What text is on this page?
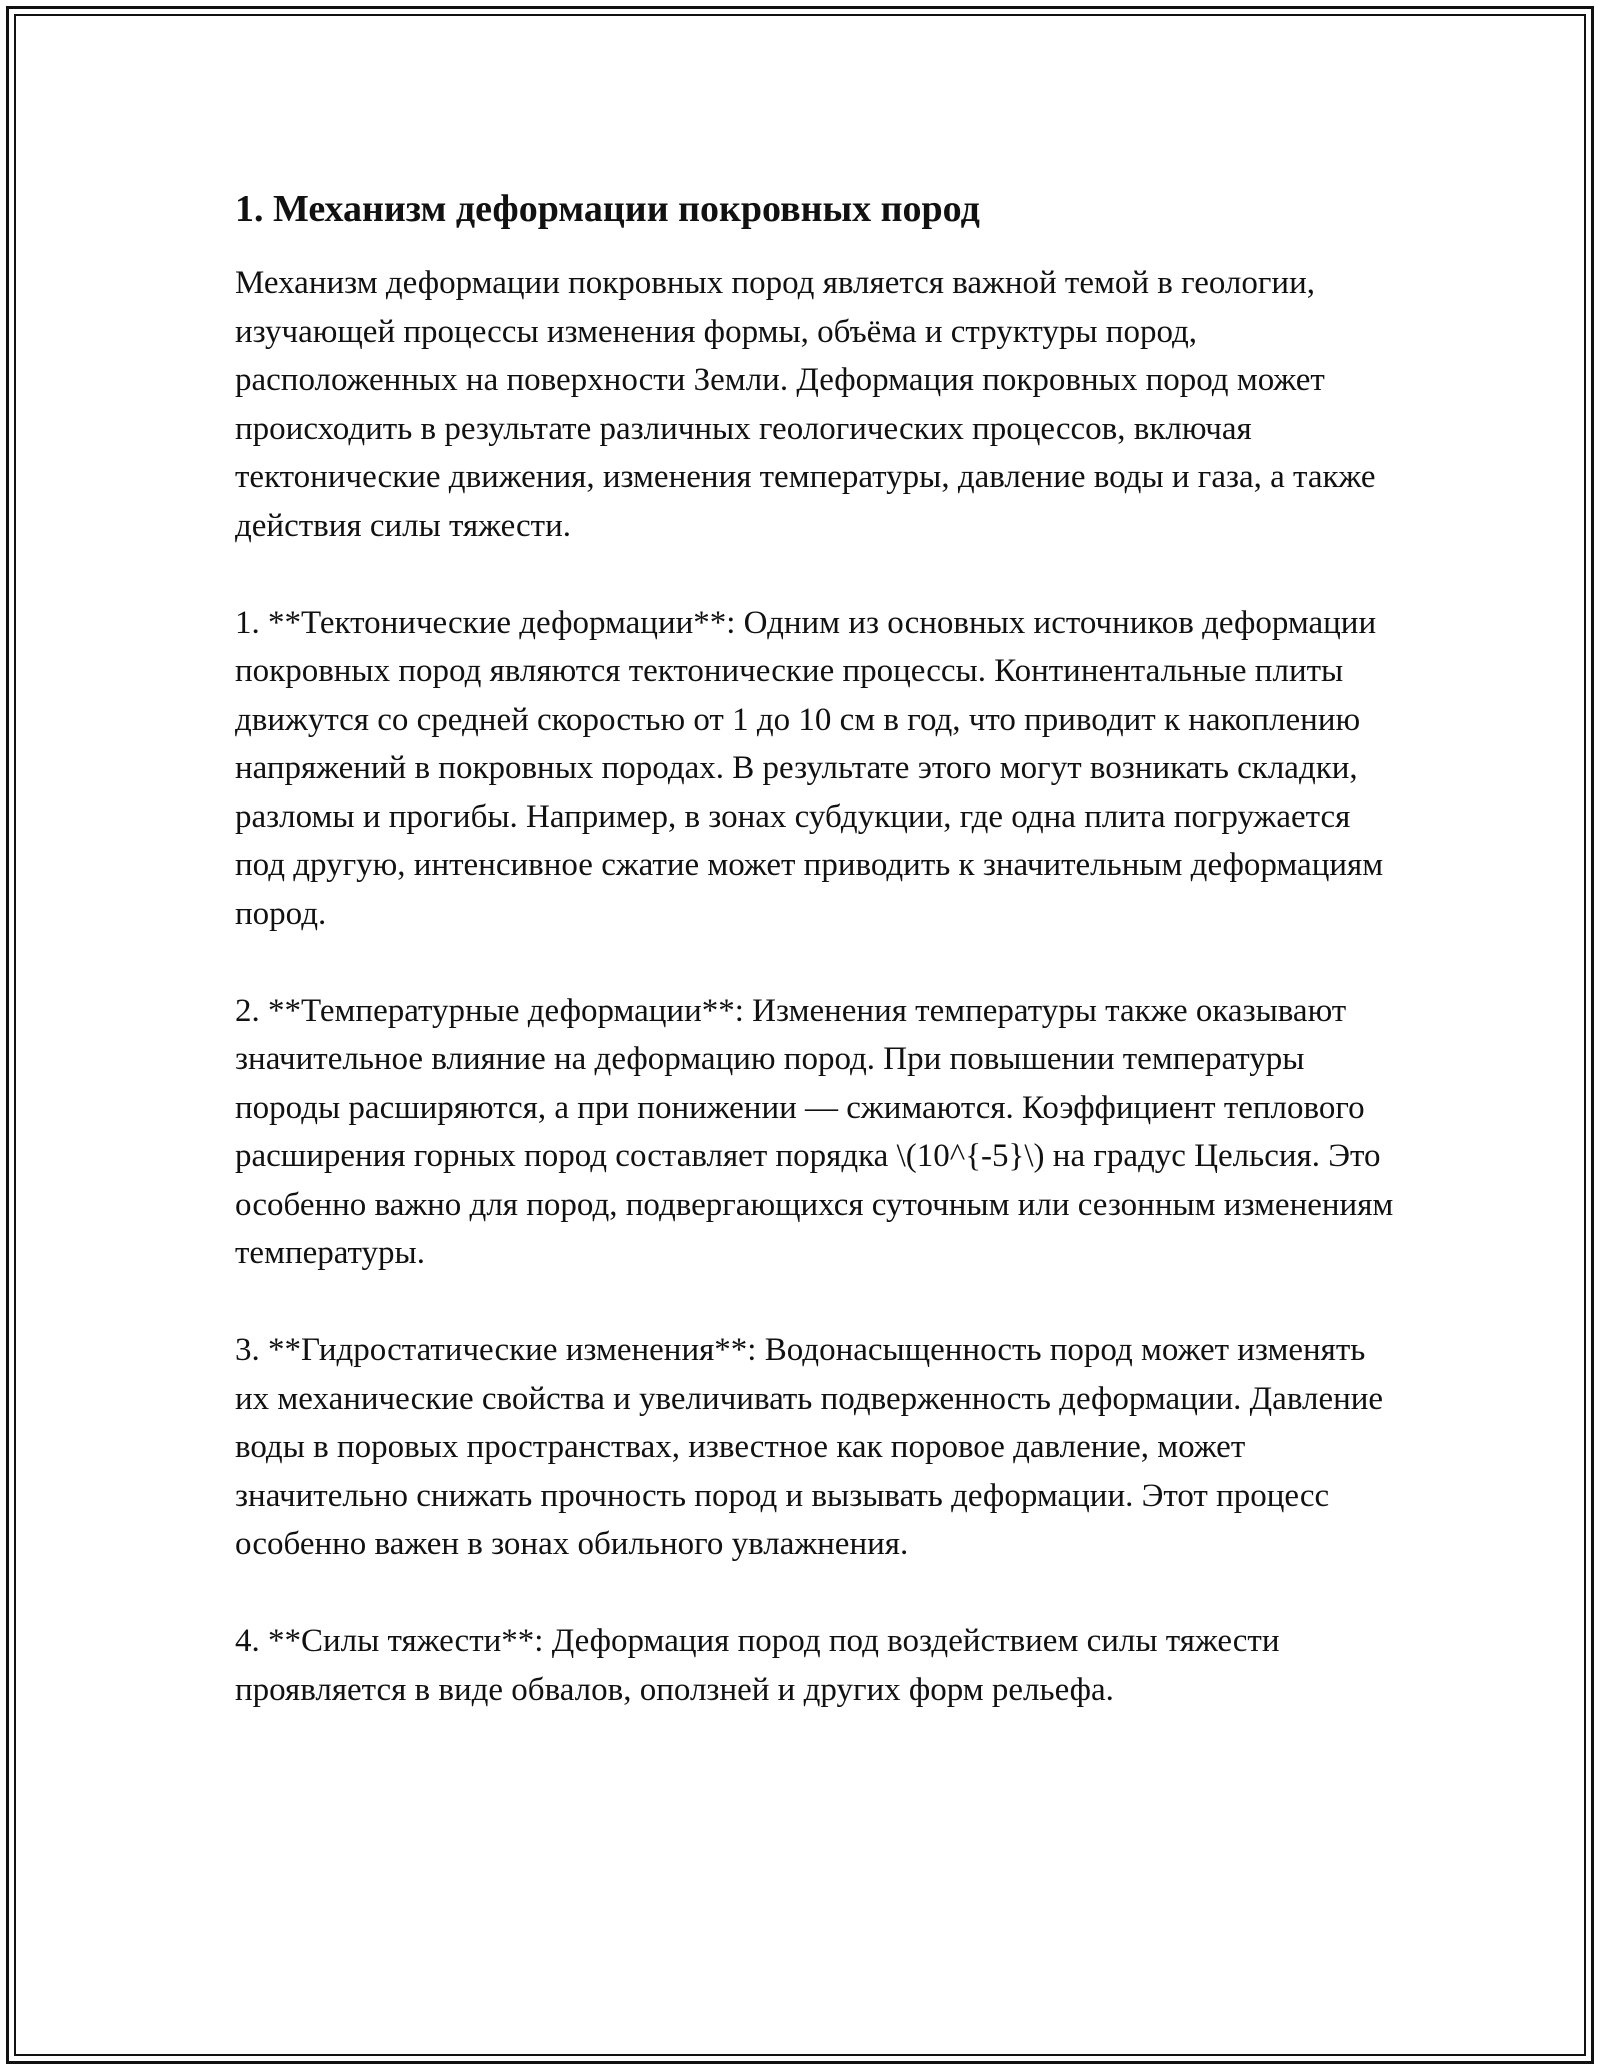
1. Механизм деформации покровных пород

Механизм деформации покровных пород является важной темой в геологии, изучающей процессы изменения формы, объёма и структуры пород, расположенных на поверхности Земли. Деформация покровных пород может происходить в результате различных геологических процессов, включая тектонические движения, изменения температуры, давление воды и газа, а также действия силы тяжести.

1. **Тектонические деформации**: Одним из основных источников деформации покровных пород являются тектонические процессы. Континентальные плиты движутся со средней скоростью от 1 до 10 см в год, что приводит к накоплению напряжений в покровных породах. В результате этого могут возникать складки, разломы и прогибы. Например, в зонах субдукции, где одна плита погружается под другую, интенсивное сжатие может приводить к значительным деформациям пород.

2. **Температурные деформации**: Изменения температуры также оказывают значительное влияние на деформацию пород. При повышении температуры породы расширяются, а при понижении — сжимаются. Коэффициент теплового расширения горных пород составляет порядка \(10^{-5}\) на градус Цельсия. Это особенно важно для пород, подвергающихся суточным или сезонным изменениям температуры.

3. **Гидростатические изменения**: Водонасыщенность пород может изменять их механические свойства и увеличивать подверженность деформации. Давление воды в поровых пространствах, известное как поровое давление, может значительно снижать прочность пород и вызывать деформации. Этот процесс особенно важен в зонах обильного увлажнения.

4. **Силы тяжести**: Деформация пород под воздействием силы тяжести проявляется в виде обвалов, оползней и других форм рельефа.
